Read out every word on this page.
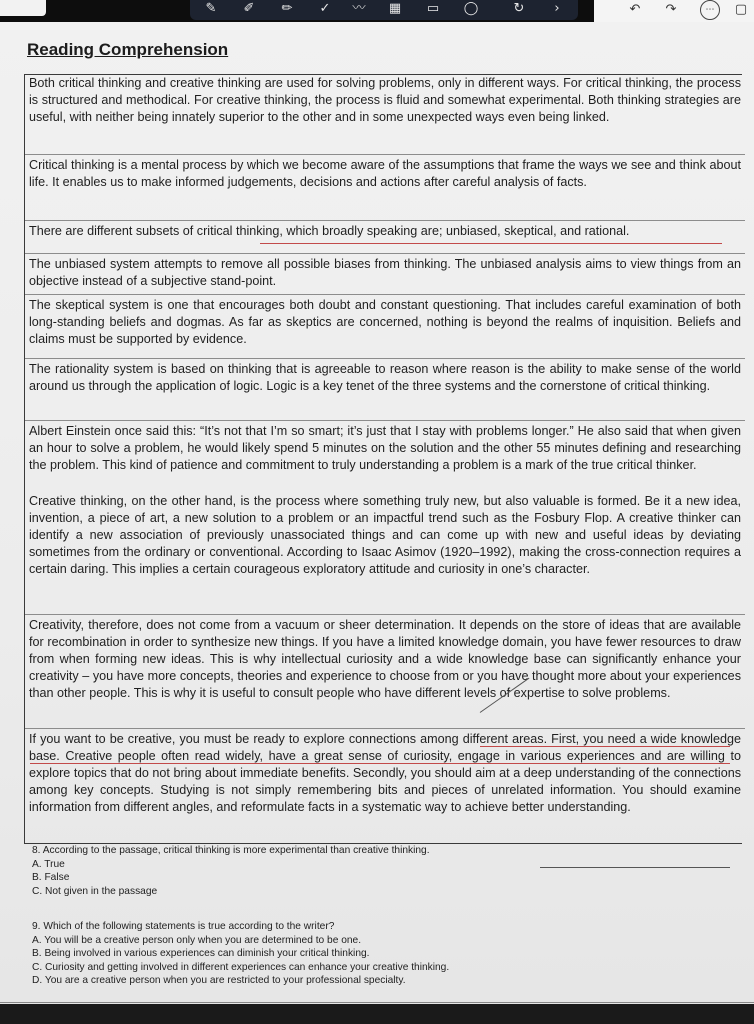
✎	✐	✏	✓	〰	▦	▭	◯	↻	›	↶	↷	▢
⋯
Reading Comprehension

Both critical thinking and creative thinking are used for solving problems, only in different ways. For critical thinking, the process is structured and methodical. For creative thinking, the process is fluid and somewhat experimental. Both thinking strategies are useful, with neither being innately superior to the other and in some unexpected ways even being linked.

Critical thinking is a mental process by which we become aware of the assumptions that frame the ways we see and think about life. It enables us to make informed judgements, decisions and actions after careful analysis of facts.

There are different subsets of critical thinking, which broadly speaking are; unbiased, skeptical, and rational.

The unbiased system attempts to remove all possible biases from thinking. The unbiased analysis aims to view things from an objective instead of a subjective stand-point.

The skeptical system is one that encourages both doubt and constant questioning. That includes careful examination of both long-standing beliefs and dogmas. As far as skeptics are concerned, nothing is beyond the realms of inquisition. Beliefs and claims must be supported by evidence.

The rationality system is based on thinking that is agreeable to reason where reason is the ability to make sense of the world around us through the application of logic. Logic is a key tenet of the three systems and the cornerstone of critical thinking.

Albert Einstein once said this: “It’s not that I’m so smart; it’s just that I stay with problems longer.” He also said that when given an hour to solve a problem, he would likely spend 5 minutes on the solution and the other 55 minutes defining and researching the problem. This kind of patience and commitment to truly understanding a problem is a mark of the true critical thinker.

Creative thinking, on the other hand, is the process where something truly new, but also valuable is formed. Be it a new idea, invention, a piece of art, a new solution to a problem or an impactful trend such as the Fosbury Flop. A creative thinker can identify a new association of previously unassociated things and can come up with new and useful ideas by deviating sometimes from the ordinary or conventional. According to Isaac Asimov (1920–1992), making the cross-connection requires a certain daring. This implies a certain courageous exploratory attitude and curiosity in one’s character.

Creativity, therefore, does not come from a vacuum or sheer determination. It depends on the store of ideas that are available for recombination in order to synthesize new things. If you have a limited knowledge domain, you have fewer resources to draw from when forming new ideas. This is why intellectual curiosity and a wide knowledge base can significantly enhance your creativity – you have more concepts, theories and experience to choose from or you have thought more about your experiences than other people. This is why it is useful to consult people who have different levels of expertise to solve problems.

If you want to be creative, you must be ready to explore connections among different areas. First, you need a wide knowledge base. Creative people often read widely, have a great sense of curiosity, engage in various experiences and are willing to explore topics that do not bring about immediate benefits. Secondly, you should aim at a deep understanding of the connections among key concepts. Studying is not simply remembering bits and pieces of unrelated information. You should examine information from different angles, and reformulate facts in a systematic way to achieve better understanding.

8. According to the passage, critical thinking is more experimental than creative thinking.
A. True
B. False
C. Not given in the passage
9. Which of the following statements is true according to the writer?
A. You will be a creative person only when you are determined to be one.
B. Being involved in various experiences can diminish your critical thinking.
C. Curiosity and getting involved in different experiences can enhance your creative thinking.
D. You are a creative person when you are restricted to your professional specialty.
